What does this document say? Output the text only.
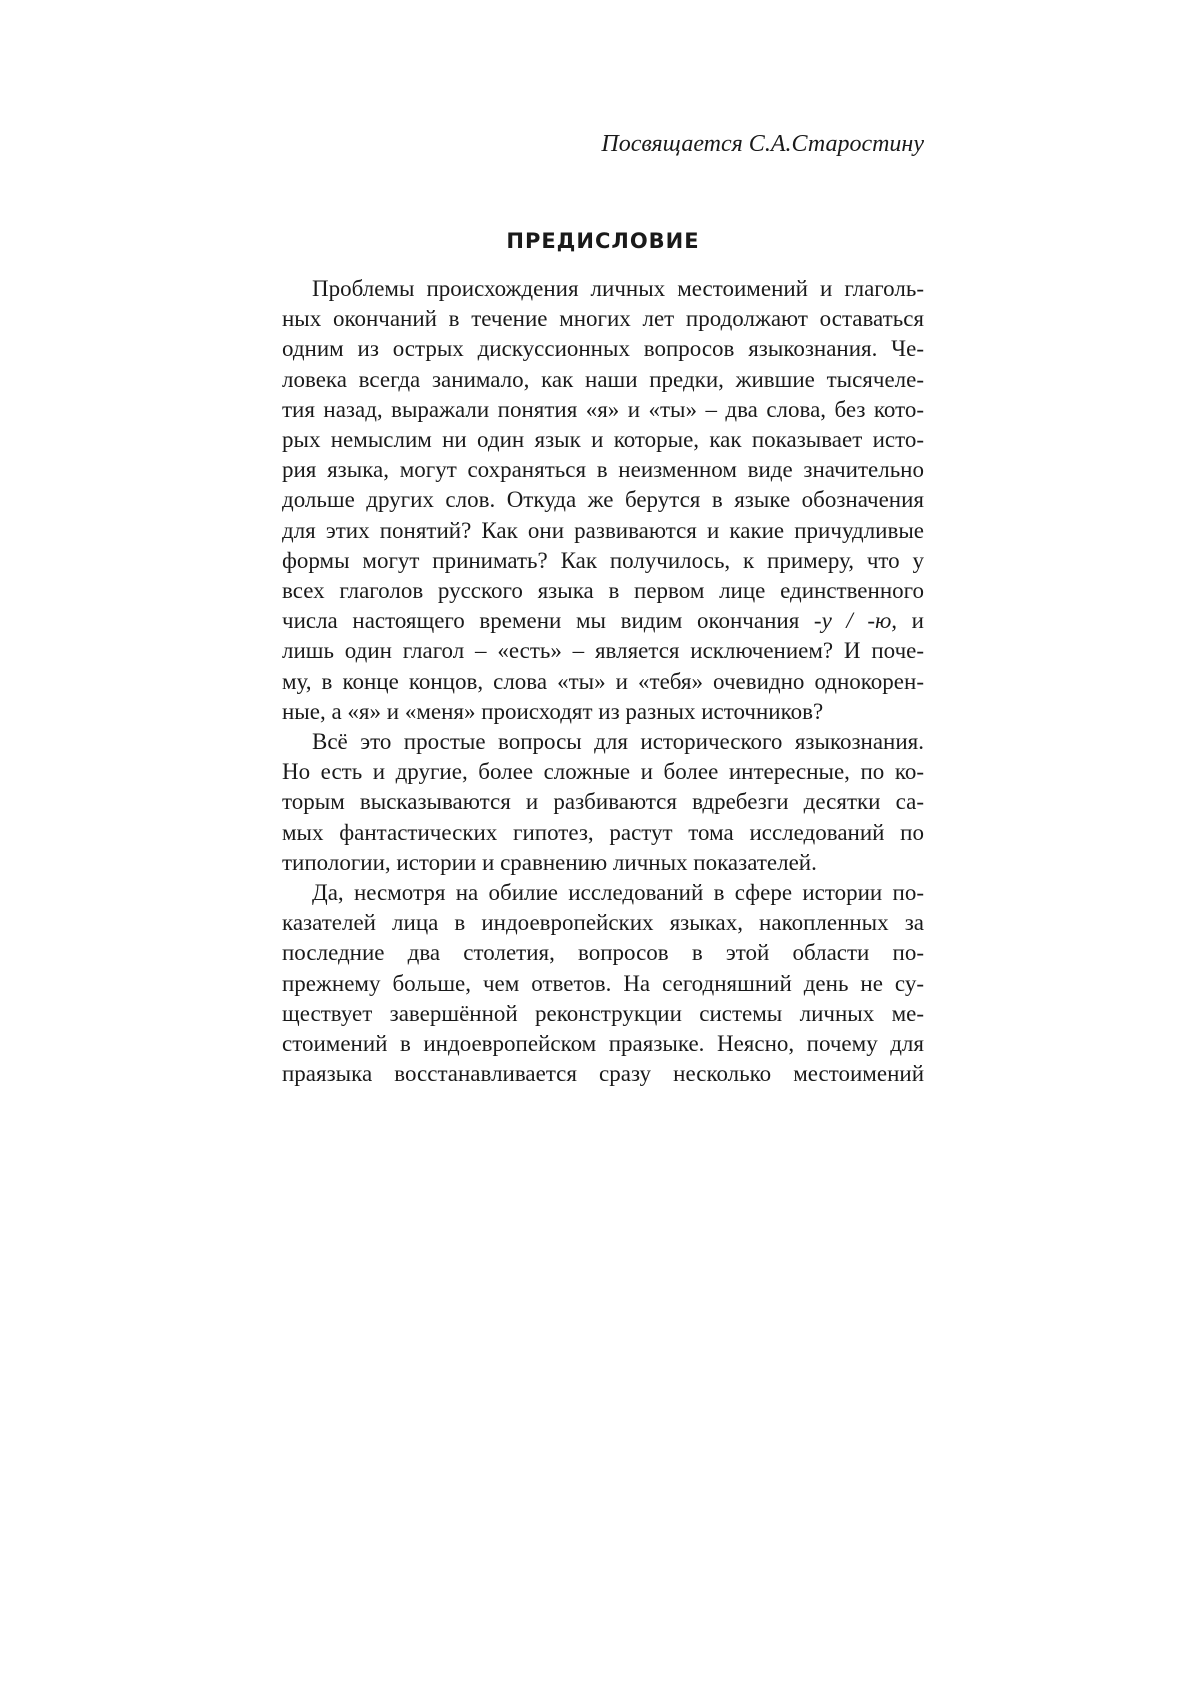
Посвящается С.А.Старостину

ПРЕДИСЛОВИЕ

Проблемы происхождения личных местоимений и глаголь-
ных окончаний в течение многих лет продолжают оставаться
одним из острых дискуссионных вопросов языкознания. Че-
ловека всегда занимало, как наши предки, жившие тысячеле-
тия назад, выражали понятия «я» и «ты» – два слова, без кото-
рых немыслим ни один язык и которые, как показывает исто-
рия языка, могут сохраняться в неизменном виде значительно
дольше других слов. Откуда же берутся в языке обозначения
для этих понятий? Как они развиваются и какие причудливые
формы могут принимать? Как получилось, к примеру, что у
всех глаголов русского языка в первом лице единственного
числа настоящего времени мы видим окончания -у / -ю, и
лишь один глагол – «есть» – является исключением? И поче-
му, в конце концов, слова «ты» и «тебя» очевидно однокорен-
ные, а «я» и «меня» происходят из разных источников?

Всё это простые вопросы для исторического языкознания.
Но есть и другие, более сложные и более интересные, по ко-
торым высказываются и разбиваются вдребезги десятки са-
мых фантастических гипотез, растут тома исследований по
типологии, истории и сравнению личных показателей.

Да, несмотря на обилие исследований в сфере истории по-
казателей лица в индоевропейских языках, накопленных за
последние два столетия, вопросов в этой области по-
прежнему больше, чем ответов. На сегодняшний день не су-
ществует завершённой реконструкции системы личных ме-
стоимений в индоевропейском праязыке. Неясно, почему для
праязыка восстанавливается сразу несколько местоимений
